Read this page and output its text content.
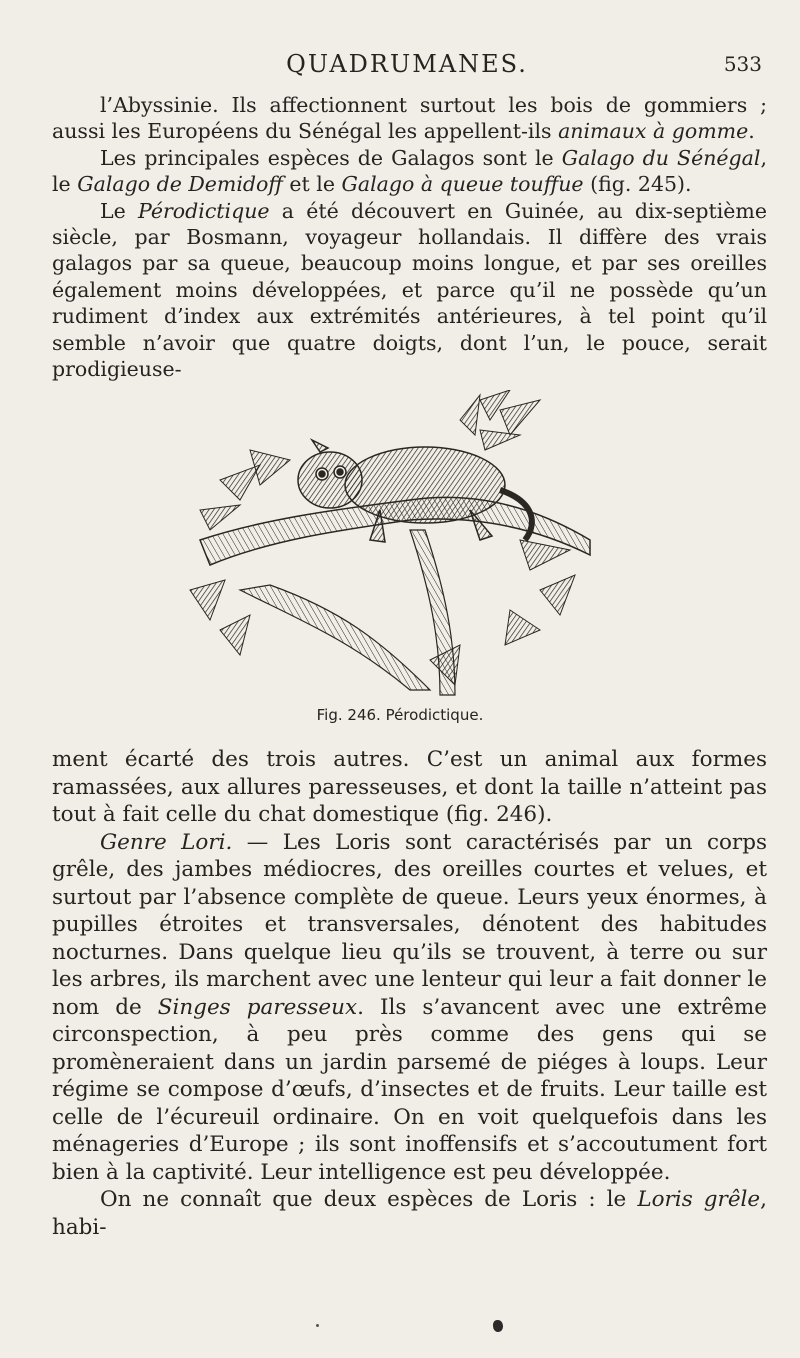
QUADRUMANES.	533

l’Abyssinie. Ils affectionnent surtout les bois de gommiers ; aussi les Européens du Sénégal les appellent-ils animaux à gomme.

Les principales espèces de Galagos sont le Galago du Sénégal, le Galago de Demidoff et le Galago à queue touffue (fig. 245).

Le Pérodictique a été découvert en Guinée, au dix-septième siècle, par Bosmann, voyageur hollandais. Il diffère des vrais galagos par sa queue, beaucoup moins longue, et par ses oreilles également moins développées, et parce qu’il ne possède qu’un rudiment d’index aux extrémités antérieures, à tel point qu’il semble n’avoir que quatre doigts, dont l’un, le pouce, serait prodigieuse-

Fig. 246. Pérodictique.

ment écarté des trois autres. C’est un animal aux formes ramassées, aux allures paresseuses, et dont la taille n’atteint pas tout à fait celle du chat domestique (fig. 246).

Genre Lori. — Les Loris sont caractérisés par un corps grêle, des jambes médiocres, des oreilles courtes et velues, et surtout par l’absence complète de queue. Leurs yeux énormes, à pupilles étroites et transversales, dénotent des habitudes nocturnes. Dans quelque lieu qu’ils se trouvent, à terre ou sur les arbres, ils marchent avec une lenteur qui leur a fait donner le nom de Singes paresseux. Ils s’avancent avec une extrême circonspection, à peu près comme des gens qui se promèneraient dans un jardin parsemé de piéges à loups. Leur régime se compose d’œufs, d’insectes et de fruits. Leur taille est celle de l’écureuil ordinaire. On en voit quelquefois dans les ménageries d’Europe ; ils sont inoffensifs et s’accoutument fort bien à la captivité. Leur intelligence est peu développée.

On ne connaît que deux espèces de Loris : le Loris grêle, habi-
